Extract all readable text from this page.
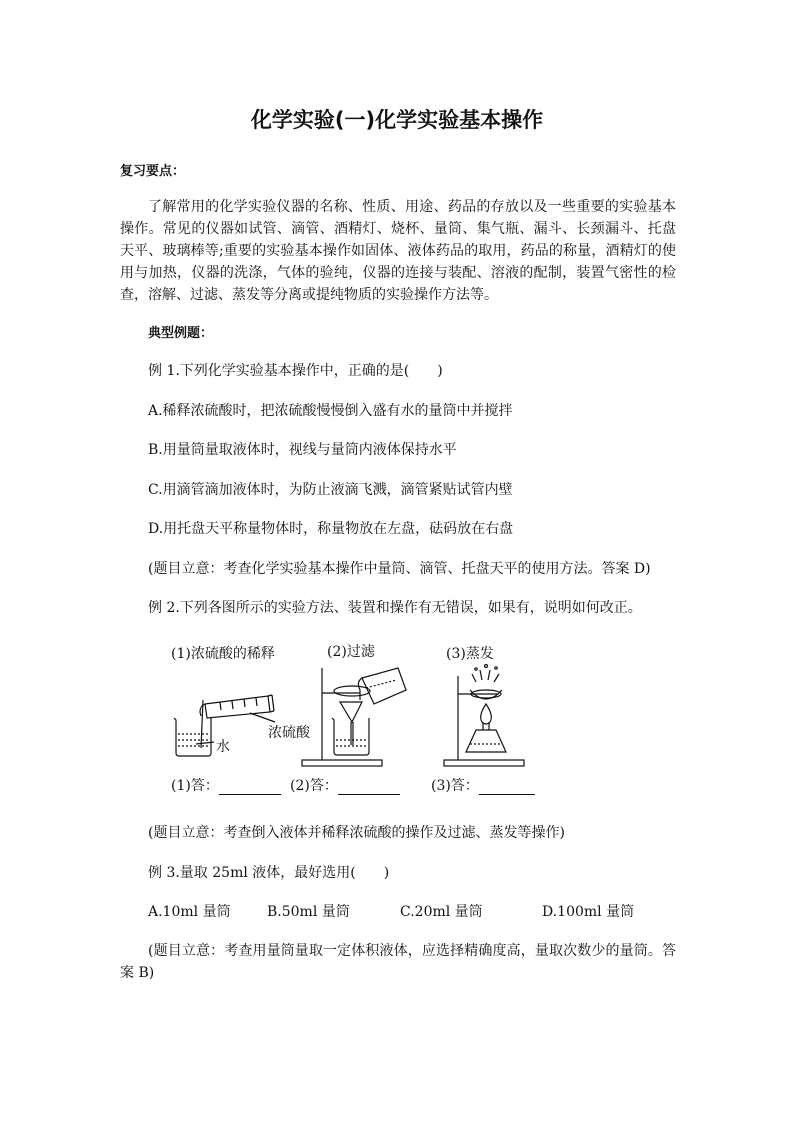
化学实验(一)化学实验基本操作
复习要点：
了解常用的化学实验仪器的名称、性质、用途、药品的存放以及一些重要的实验基本操作。常见的仪器如试管、滴管、酒精灯、烧杯、量筒、集气瓶、漏斗、长颈漏斗、托盘天平、玻璃棒等;重要的实验基本操作如固体、液体药品的取用，药品的称量，酒精灯的使用与加热，仪器的洗涤，气体的验纯，仪器的连接与装配、溶液的配制，装置气密性的检查，溶解、过滤、蒸发等分离或提纯物质的实验操作方法等。
典型例题：
例 1.下列化学实验基本操作中，正确的是(　　)
A.稀释浓硫酸时，把浓硫酸慢慢倒入盛有水的量筒中并搅拌
B.用量筒量取液体时，视线与量筒内液体保持水平
C.用滴管滴加液体时，为防止液滴飞溅，滴管紧贴试管内壁
D.用托盘天平称量物体时，称量物放在左盘，砝码放在右盘
(题目立意：考查化学实验基本操作中量筒、滴管、托盘天平的使用方法。答案 D)
例 2.下列各图所示的实验方法、装置和操作有无错误，如果有，说明如何改正。
(1)浓硫酸的稀释	(2)过滤	(3)蒸发
浓硫酸
水
(1)答：	(2)答：	(3)答：
(题目立意：考查倒入液体并稀释浓硫酸的操作及过滤、蒸发等操作)
例 3.量取 25ml 液体，最好选用(　　)
A.10ml 量筒	B.50ml 量筒	C.20ml 量筒	D.100ml 量筒
(题目立意：考查用量筒量取一定体积液体，应选择精确度高，量取次数少的量筒。答案 B)
